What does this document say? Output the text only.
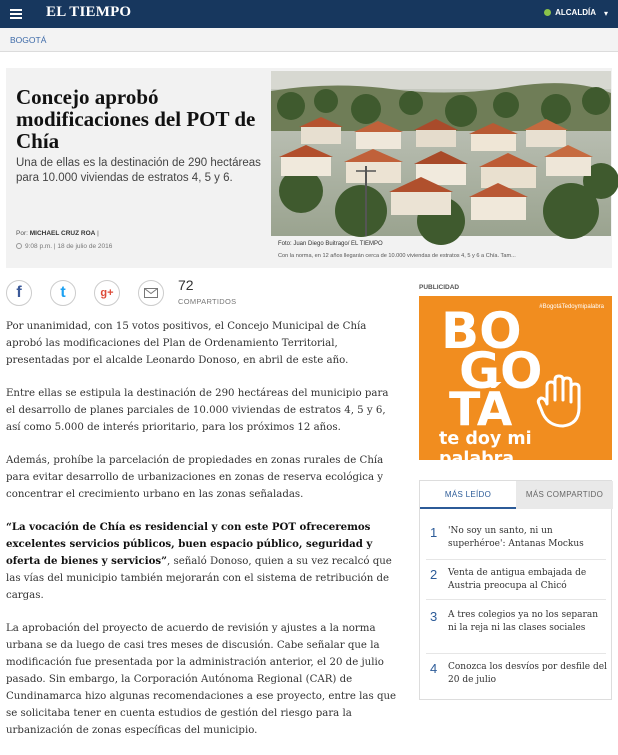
EL TIEMPO	ALCALDÍA ▾
BOGOTÁ
Concejo aprobó modificaciones del POT de Chía

Una de ellas es la destinación de 290 hectáreas para 10.000 viviendas de estratos 4, 5 y 6.

Por: MICHAEL CRUZ ROA |
9:08 p.m. | 18 de julio de 2016	Foto: Juan Diego Buitrago/ EL TIEMPO
Con la norma, en 12 años llegarán cerca de 10.000 viviendas de estratos 4, 5 y 6 a Chía. Tam...
f	t	g+	72
COMPARTIDOS

Por unanimidad, con 15 votos positivos, el Concejo Municipal de Chía aprobó las modificaciones del Plan de Ordenamiento Territorial, presentadas por el alcalde Leonardo Donoso, en abril de este año.

Entre ellas se estipula la destinación de 290 hectáreas del municipio para el desarrollo de planes parciales de 10.000 viviendas de estratos 4, 5 y 6, así como 5.000 de interés prioritario, para los próximos 12 años.

Además, prohíbe la parcelación de propiedades en zonas rurales de Chía para evitar desarrollo de urbanizaciones en zonas de reserva ecológica y concentrar el crecimiento urbano en las zonas señaladas.

“La vocación de Chía es residencial y con este POT ofreceremos excelentes servicios públicos, buen espacio público, seguridad y oferta de bienes y servicios”, señaló Donoso, quien a su vez recalcó que las vías del municipio también mejorarán con el sistema de retribución de cargas.

La aprobación del proyecto de acuerdo de revisión y ajustes a la norma urbana se da luego de casi tres meses de discusión. Cabe señalar que la modificación fue presentada por la administración anterior, el 20 de julio pasado. Sin embargo, la Corporación Autónoma Regional (CAR) de Cundinamarca hizo algunas recomendaciones a ese proyecto, entre las que se solicitaba tener en cuenta estudios de gestión del riesgo para la urbanización de zonas específicas del municipio.

PUBLICIDAD
#BogotáTedoymipalabra
BO
GO
TÁ
te doy mi palabra
MÁS LEÍDO	MÁS COMPARTIDO
1 'No soy un santo, ni un superhéroe': Antanas Mockus
2 Venta de antigua embajada de Austria preocupa al Chicó
3 A tres colegios ya no los separan ni la reja ni las clases sociales
4 Conozca los desvíos por desfile del 20 de julio
